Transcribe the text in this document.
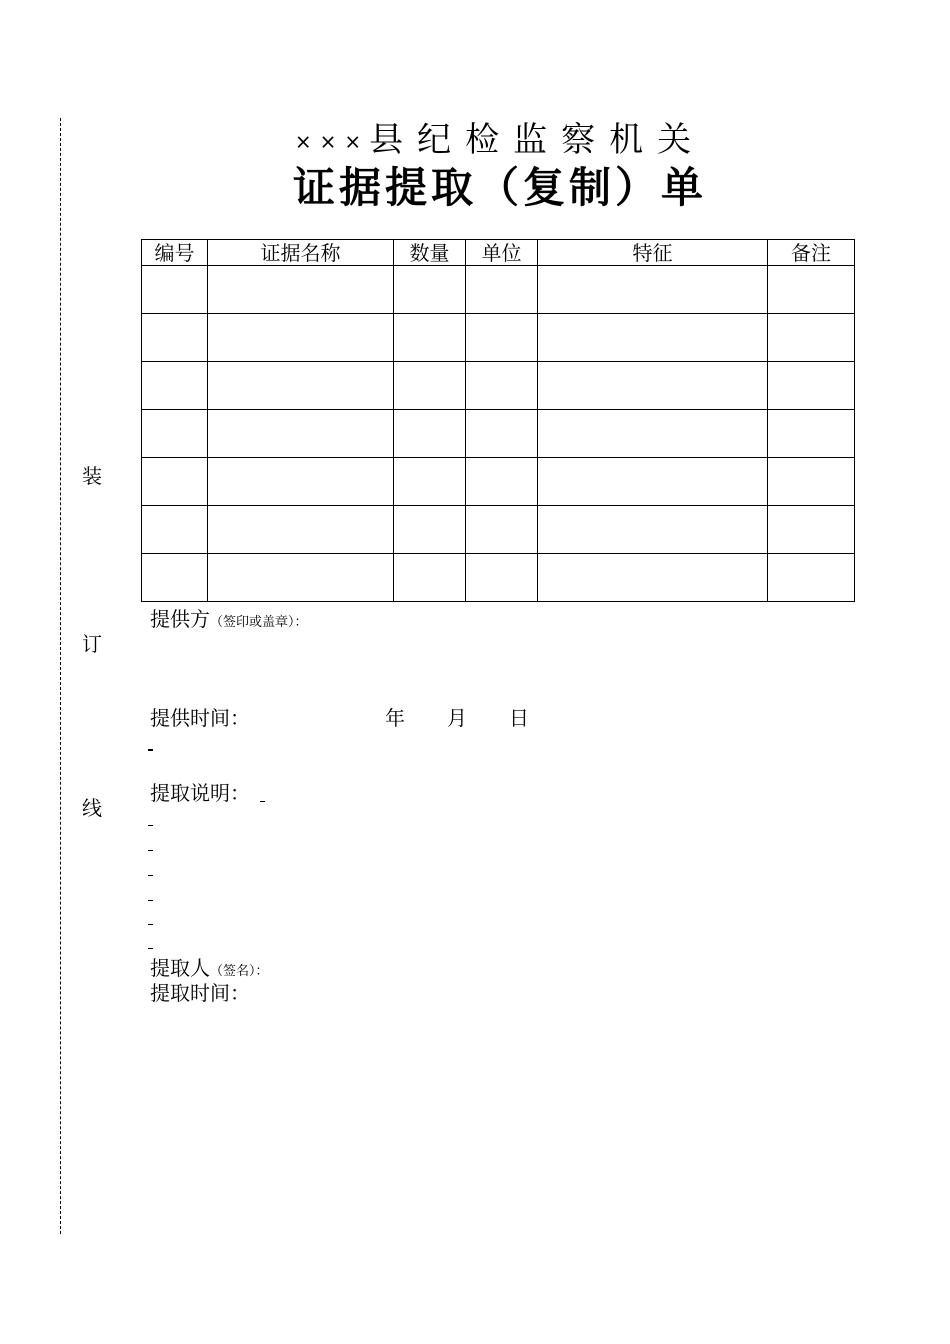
装
订
线
×××县纪检监察机关
证据提取（复制）单
编号	证据名称	数量	单位	特征	备注

提供方（签印或盖章）：
提供时间：	年 月 日
提取说明：
提取人（签名）：
提取时间：
